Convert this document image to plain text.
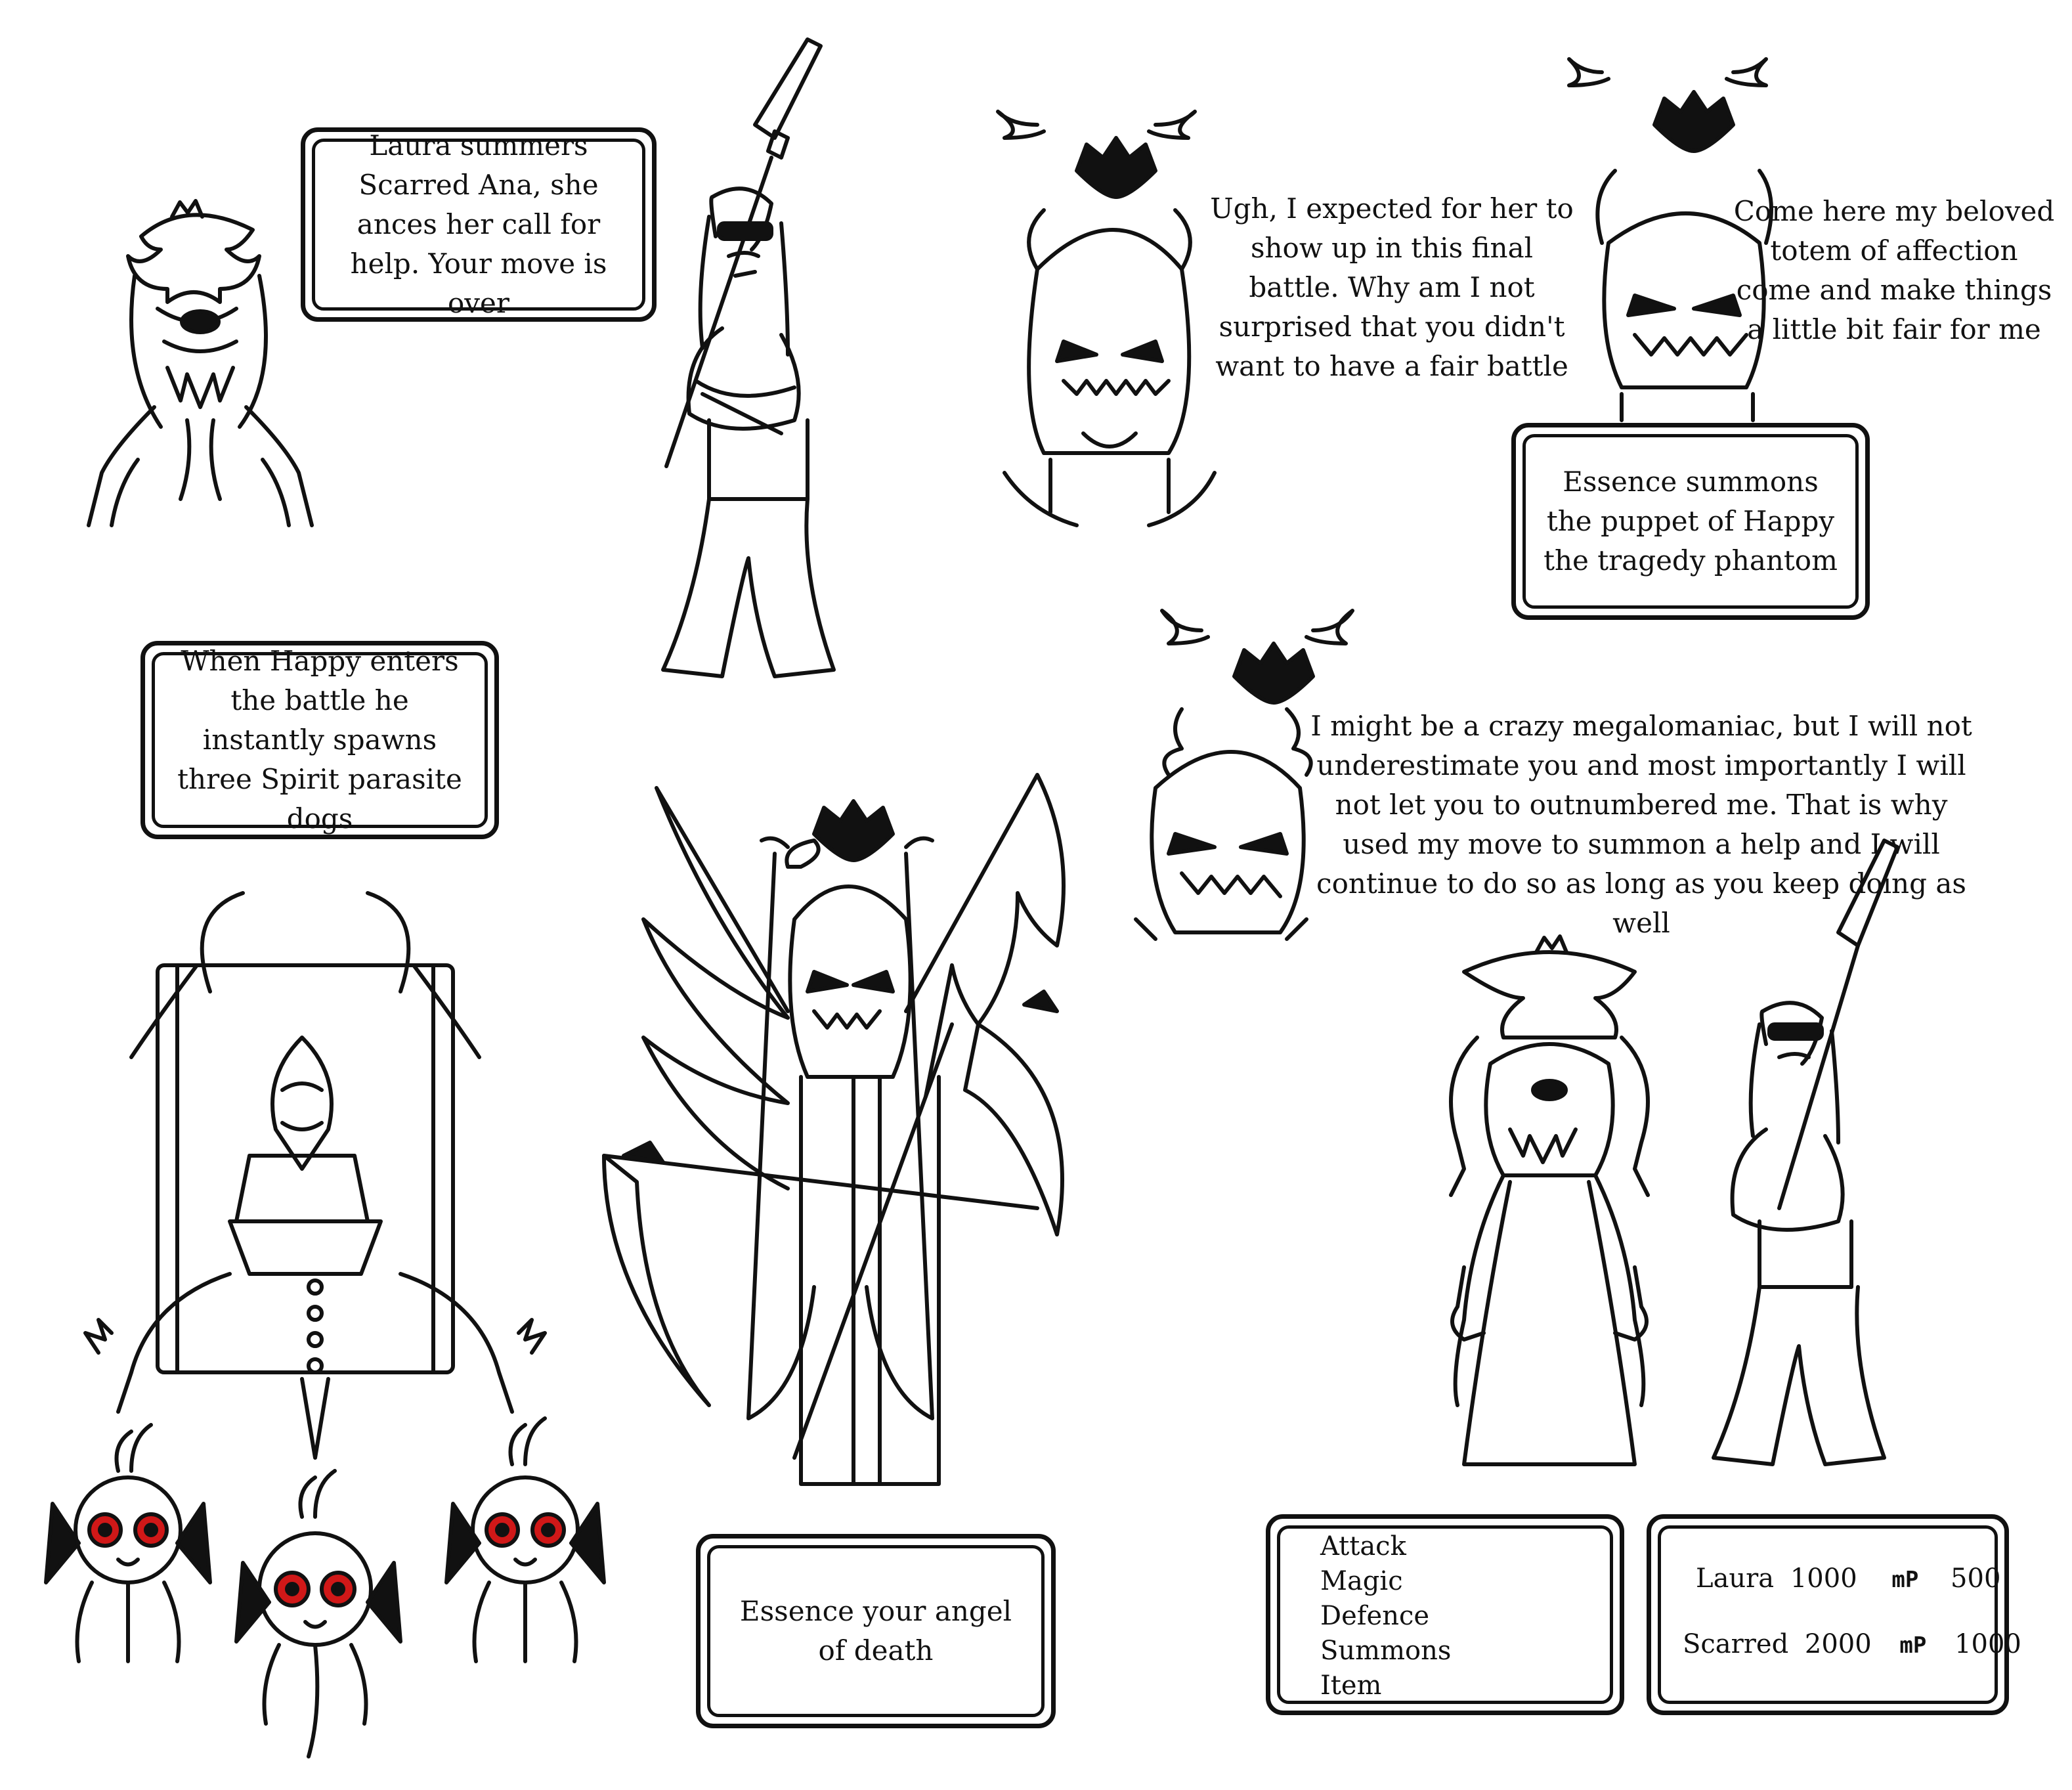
Laura summers Scarred Ana, she ances her call for help. Your move is over
Essence summons the puppet of Happy the tragedy phantom
When Happy enters the battle he instantly spawns three Spirit parasite dogs
Essence your angel of death
Ugh, I expected for her to show up in this final battle. Why am I not surprised that you didn't want to have a fair battle
Come here my beloved totem of affection come and make things a little bit fair for me
I might be a crazy megalomaniac, but I will not underestimate you and most importantly I will not let you to outnumbered me. That is why used my move to summon a help and I will continue to do so as long as you keep doing as well
Attack
Magic
Defence
Summons
Item
Laura 1000 mP 500
Scarred 2000 mP 1000
